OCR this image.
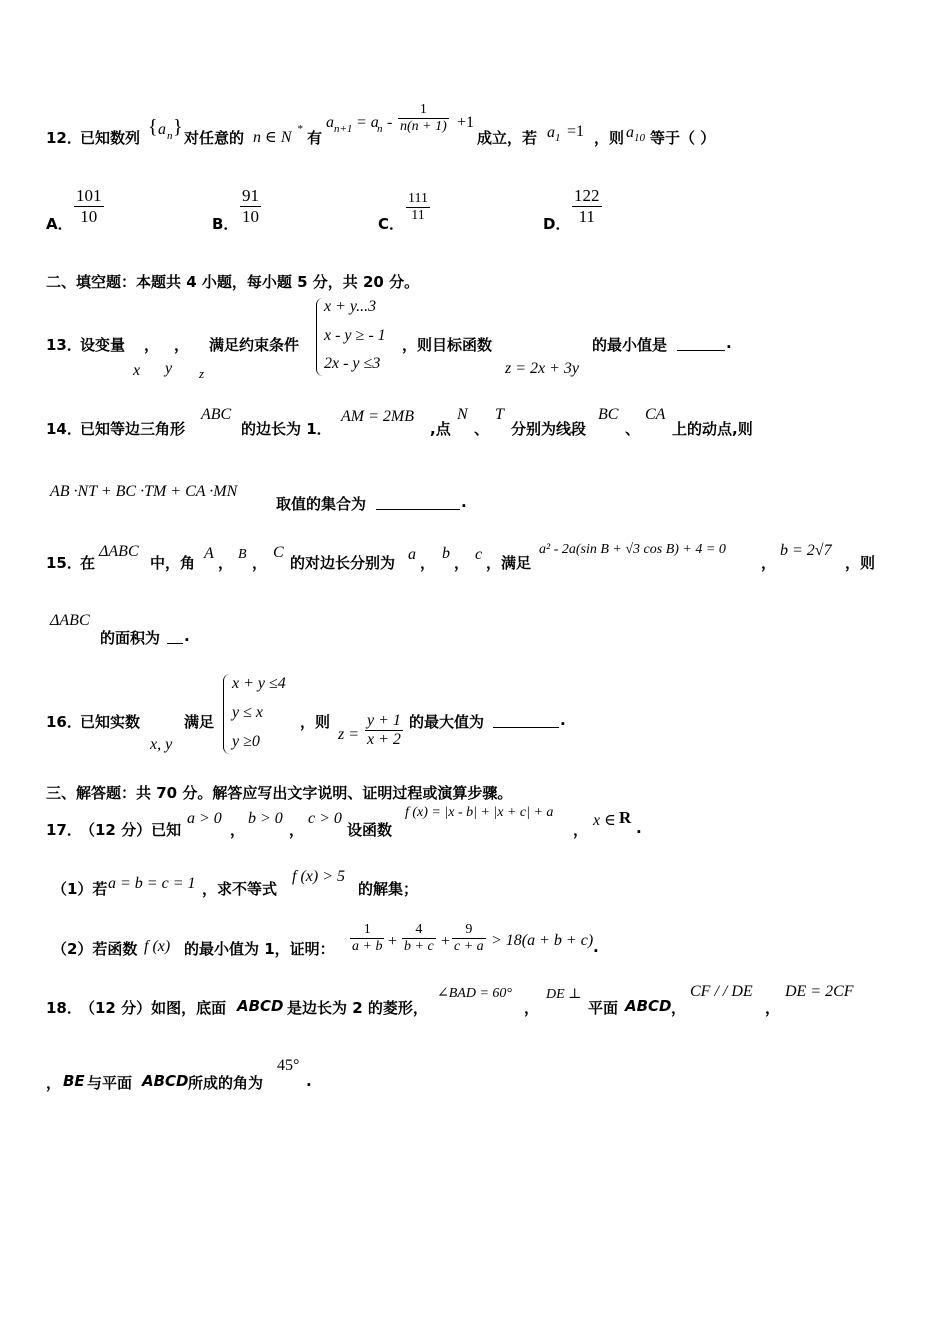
12．
已知数列 { a n } 对任意的 n ∈ N * 有
a n+1 = a
$n - \frac{1}{n(n + 1)} +1$
成立，若 a 1 =1 ，则 a 10 等于（ ）
A． $\frac{101}{10}$	B． $\frac{91}{10}$	C． $\frac{111}{11}$	D． $\frac{122}{11}$
二、填空题：本题共 4 小题，每小题 5 分，共 20 分。
13．
设变量 ， ， 满足约束条件
x y z
x + y...3
x - y ≥ - 1
2x - y ≤3
，则目标函数
z = 2x + 3y
的最小值是	.
14．
已知等边三角形
ABC
的边长为 1．
AM = 2MB
,点
N
、
T
分别为线段
BC
、
CA
上的动点,则
AB ·NT + BC ·TM + CA ·MN
取值的集合为	.
15．
在
ΔABC
中，角
A
， B ，
C
的对边长分别为 a ，
b
， c ，满足
a² - 2a(sin B + √3 cos B) + 4 = 0
，
b = 2√7
，则
ΔABC
的面积为 .
16．
已知实数	满足
x, y
x + y ≤4
y ≤ x
y ≥0
，则
$z = \frac{y + 1}{x + 2}$ 的最大值为	.
三、解答题：共 70 分。解答应写出文字说明、证明过程或演算步骤。
17．
（12 分）已知
a > 0
，
b > 0
，
c > 0
设函数
f (x) = |x - b| + |x + c| + a
，
x ∈ R
.
（1）若 a = b = c = 1 ，求不等式
f (x) > 5
的解集；
（2）若函数 f (x) 的最小值为 1，证明： $\frac{1}{a + b} + \frac{4}{b + c} + \frac{9}{c + a} > 18(a + b + c)$ .
18．
（12 分）如图，底面 ABCD 是边长为 2 的菱形，
∠BAD = 60°
，
DE ⊥
平面 ABCD ，
CF / / DE
，
DE = 2CF
， BE 与平面 ABCD 所成的角为
45°
.
